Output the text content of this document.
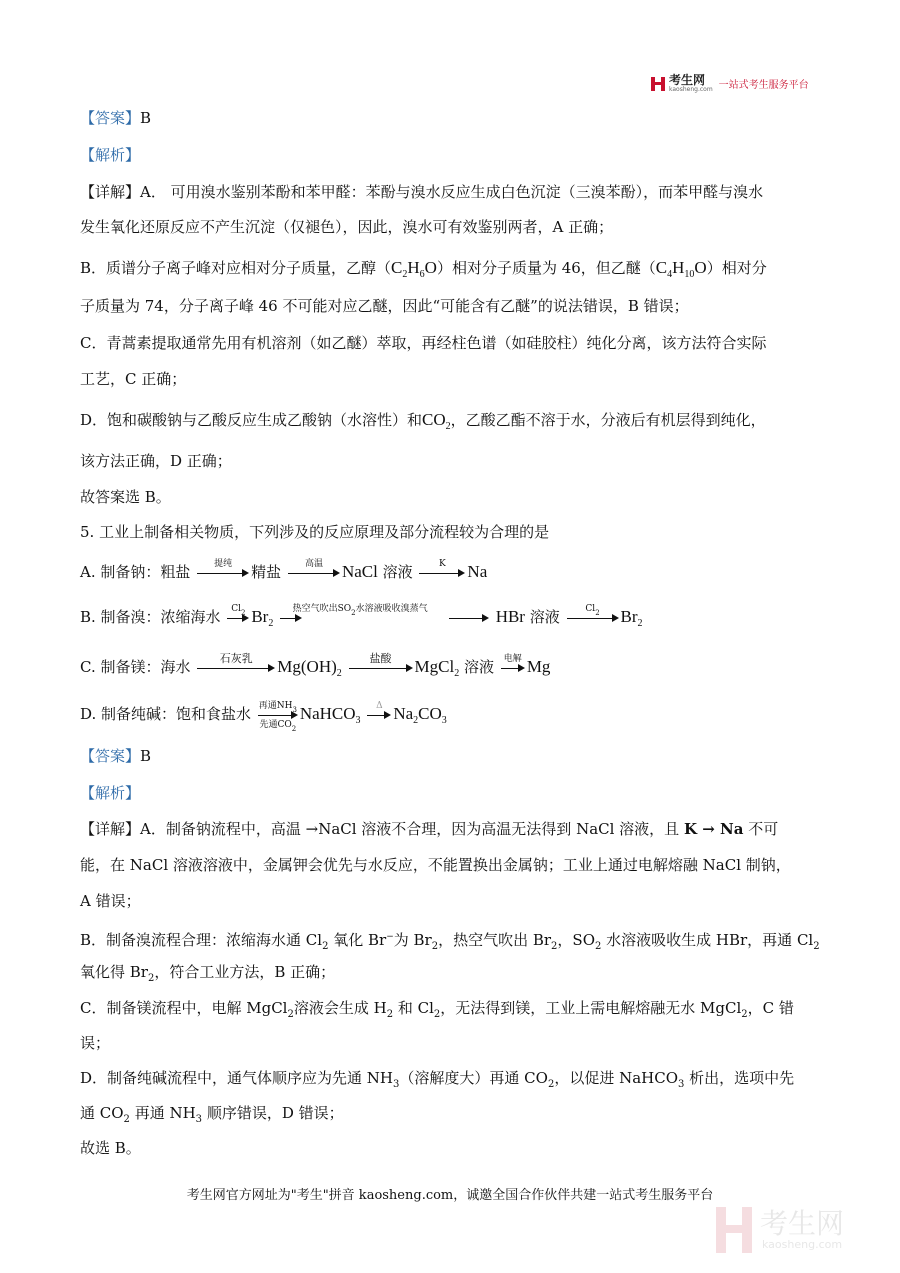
考生网
kaosheng.com 一站式考生服务平台
【答案】B
【解析】
【详解】A． 可用溴水鉴别苯酚和苯甲醛：苯酚与溴水反应生成白色沉淀（三溴苯酚），而苯甲醛与溴水
发生氧化还原反应不产生沉淀（仅褪色），因此，溴水可有效鉴别两者，A 正确；
B．质谱分子离子峰对应相对分子质量，乙醇$(C_2H_6O)$相对分子质量为 46，但乙醚$(C_4H_{10}O)$相对分
子质量为 74，分子离子峰 46 不可能对应乙醚，因此“可能含有乙醚”的说法错误，B 错误；
C．青蒿素提取通常先用有机溶剂（如乙醚）萃取，再经柱色谱（如硅胶柱）纯化分离，该方法符合实际
工艺，C 正确；
D．饱和碳酸钠与乙酸反应生成乙酸钠（水溶性）和$CO_2$，乙酸乙酯不溶于水，分液后有机层得到纯化，
该方法正确，D 正确；
故答案选 B。
5. 工业上制备相关物质，下列涉及的反应原理及部分流程较为合理的是
A. 制备钠：粗盐	提纯	精盐	高温	NaCl 溶液	K	Na
B. 制备溴：浓缩海水	$Cl_2$ $Br_2$
热空气吹出$SO_2$水溶液吸收溴蒸气
	HBr 溶液	$Cl_2$	$Br_2$
C. 制备镁：海水	石灰乳	$Mg(OH)_2$
盐酸	MgCl$_2$ 溶液	电解 Mg
D. 制备纯碱：饱和食盐水 再通$NH_3$
先通$CO_2$
NaHCO$_3$
Δ $Na_2CO_3$
【答案】B
【解析】
【详解】A．制备钠流程中，高温 →NaCl 溶液不合理，因为高温无法得到 NaCl 溶液，且 K → Na 不可
能，在 NaCl 溶液溶液中，金属钾会优先与水反应，不能置换出金属钠；工业上通过电解熔融 NaCl 制钠，
A 错误；
B．制备溴流程合理：浓缩海水通 $Cl_2$ 氧化 Br−为 $Br_2$，热空气吹出 $Br_2$，$SO_2$ 水溶液吸收生成 HBr，再通 $Cl_2$
氧化得 $Br_2$，符合工业方法，B 正确；
C．制备镁流程中，电解 MgCl$_2$溶液会生成 $H_2$ 和 $Cl_2$，无法得到镁，工业上需电解熔融无水 MgCl$_2$，C 错
误；
D．制备纯碱流程中，通气体顺序应为先通 $NH_3$（溶解度大）再通 $CO_2$，以促进 NaHCO$_3$ 析出，选项中先
通 $CO_2$ 再通 $NH_3$ 顺序错误，D 错误；
故选 B。
考生网官方网址为"考生"拼音 kaosheng.com，诚邀全国合作伙伴共建一站式考生服务平台
考生网
kaosheng.com
